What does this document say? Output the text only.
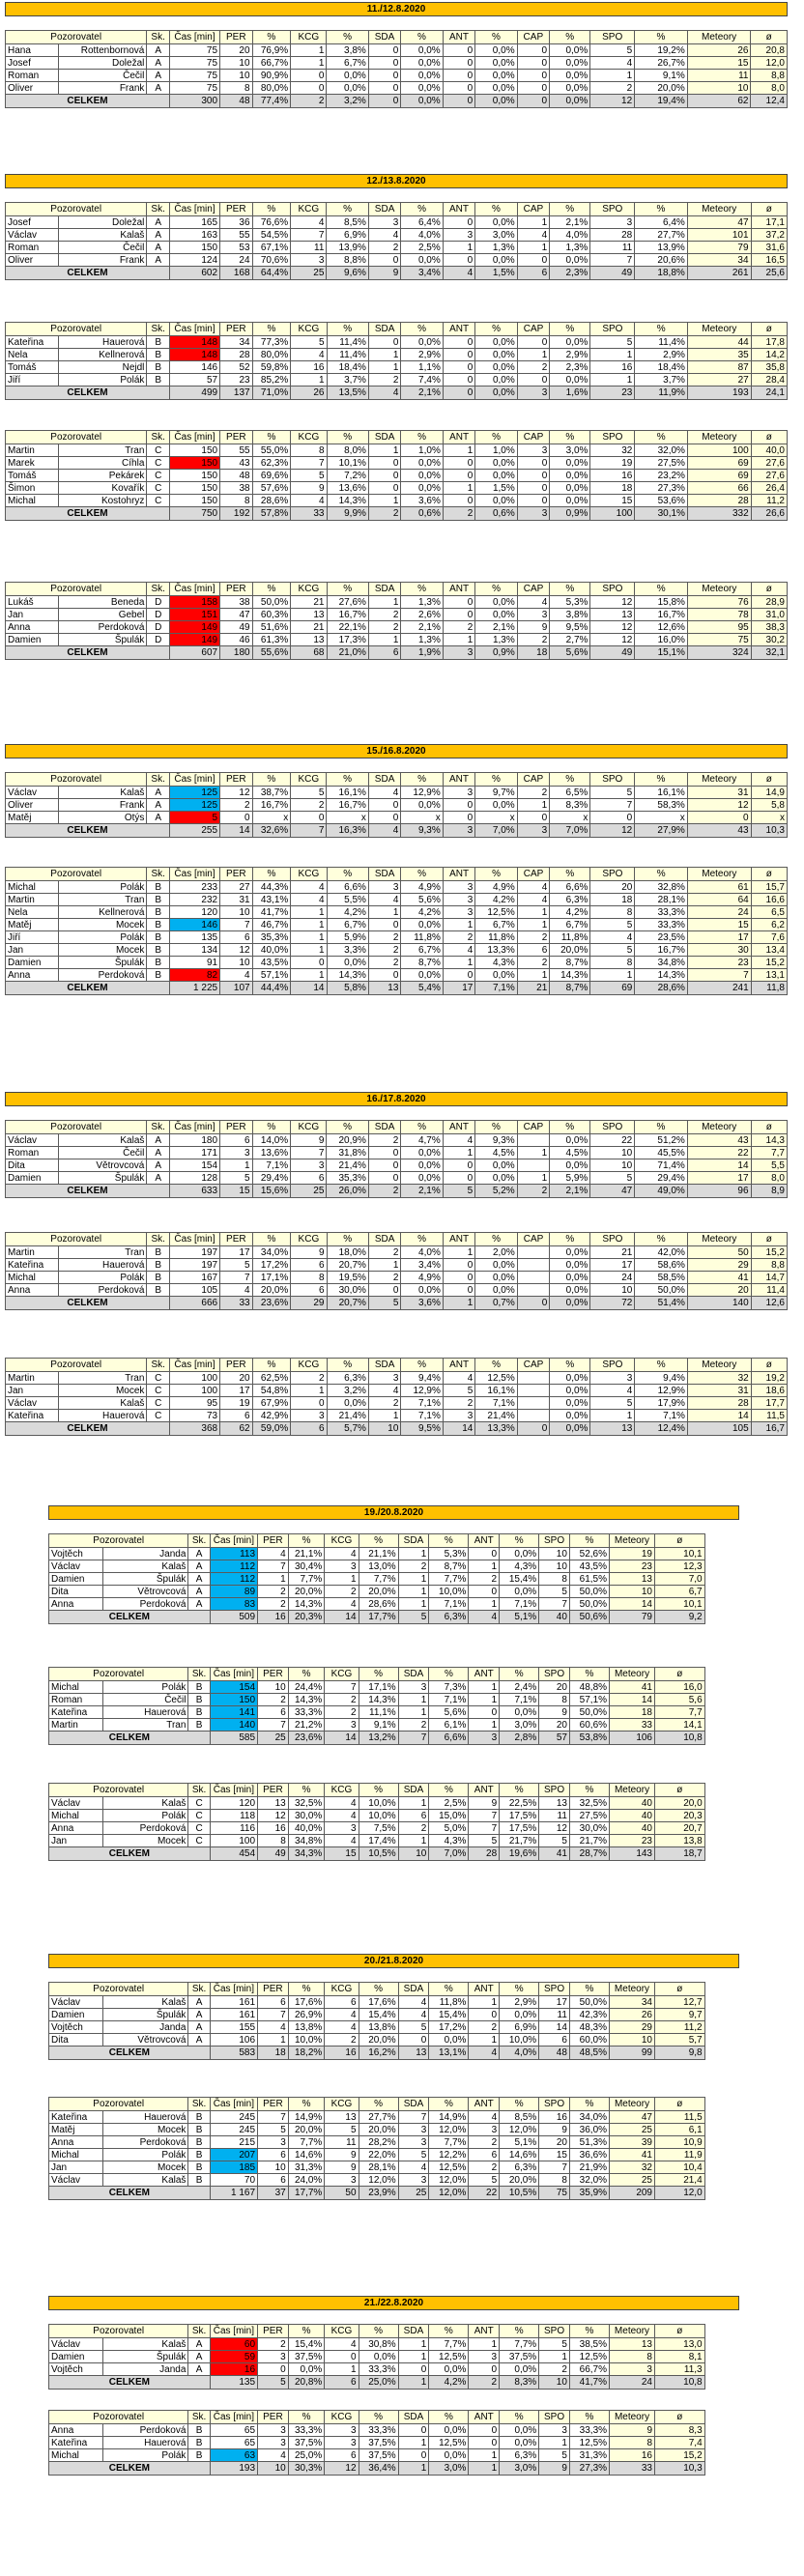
11./12.8.2020																	

Pozorovatel		Sk.	Čas [min]	PER	%	KCG	%	SDA	%	ANT	%	CAP	%	SPO	%	Meteory	ø
Hana	Rottenbornová	A	75	20	76,9%	1	3,8%	0	0,0%	0	0,0%	0	0,0%	5	19,2%	26	20,8
Josef	Doležal	A	75	10	66,7%	1	6,7%	0	0,0%	0	0,0%	0	0,0%	4	26,7%	15	12,0
Roman	Čečil	A	75	10	90,9%	0	0,0%	0	0,0%	0	0,0%	0	0,0%	1	9,1%	11	8,8
Oliver	Frank	A	75	8	80,0%	0	0,0%	0	0,0%	0	0,0%	0	0,0%	2	20,0%	10	8,0
CELKEM			300	48	77,4%	2	3,2%	0	0,0%	0	0,0%	0	0,0%	12	19,4%	62	12,4
12./13.8.2020																	

Pozorovatel		Sk.	Čas [min]	PER	%	KCG	%	SDA	%	ANT	%	CAP	%	SPO	%	Meteory	ø
Josef	Doležal	A	165	36	76,6%	4	8,5%	3	6,4%	0	0,0%	1	2,1%	3	6,4%	47	17,1
Václav	Kalaš	A	163	55	54,5%	7	6,9%	4	4,0%	3	3,0%	4	4,0%	28	27,7%	101	37,2
Roman	Čečil	A	150	53	67,1%	11	13,9%	2	2,5%	1	1,3%	1	1,3%	11	13,9%	79	31,6
Oliver	Frank	A	124	24	70,6%	3	8,8%	0	0,0%	0	0,0%	0	0,0%	7	20,6%	34	16,5
CELKEM			602	168	64,4%	25	9,6%	9	3,4%	4	1,5%	6	2,3%	49	18,8%	261	25,6
Pozorovatel		Sk.	Čas [min]	PER	%	KCG	%	SDA	%	ANT	%	CAP	%	SPO	%	Meteory	ø
Kateřina	Hauerová	B	148	34	77,3%	5	11,4%	0	0,0%	0	0,0%	0	0,0%	5	11,4%	44	17,8
Nela	Kellnerová	B	148	28	80,0%	4	11,4%	1	2,9%	0	0,0%	1	2,9%	1	2,9%	35	14,2
Tomáš	Nejdl	B	146	52	59,8%	16	18,4%	1	1,1%	0	0,0%	2	2,3%	16	18,4%	87	35,8
Jiří	Polák	B	57	23	85,2%	1	3,7%	2	7,4%	0	0,0%	0	0,0%	1	3,7%	27	28,4
CELKEM			499	137	71,0%	26	13,5%	4	2,1%	0	0,0%	3	1,6%	23	11,9%	193	24,1
Pozorovatel		Sk.	Čas [min]	PER	%	KCG	%	SDA	%	ANT	%	CAP	%	SPO	%	Meteory	ø
Martin	Tran	C	150	55	55,0%	8	8,0%	1	1,0%	1	1,0%	3	3,0%	32	32,0%	100	40,0
Marek	Cíhla	C	150	43	62,3%	7	10,1%	0	0,0%	0	0,0%	0	0,0%	19	27,5%	69	27,6
Tomáš	Pekárek	C	150	48	69,6%	5	7,2%	0	0,0%	0	0,0%	0	0,0%	16	23,2%	69	27,6
Šimon	Kovařík	C	150	38	57,6%	9	13,6%	0	0,0%	1	1,5%	0	0,0%	18	27,3%	66	26,4
Michal	Kostohryz	C	150	8	28,6%	4	14,3%	1	3,6%	0	0,0%	0	0,0%	15	53,6%	28	11,2
CELKEM			750	192	57,8%	33	9,9%	2	0,6%	2	0,6%	3	0,9%	100	30,1%	332	26,6
Pozorovatel		Sk.	Čas [min]	PER	%	KCG	%	SDA	%	ANT	%	CAP	%	SPO	%	Meteory	ø
Lukáš	Beneda	D	158	38	50,0%	21	27,6%	1	1,3%	0	0,0%	4	5,3%	12	15,8%	76	28,9
Jan	Gebel	D	151	47	60,3%	13	16,7%	2	2,6%	0	0,0%	3	3,8%	13	16,7%	78	31,0
Anna	Perdoková	D	149	49	51,6%	21	22,1%	2	2,1%	2	2,1%	9	9,5%	12	12,6%	95	38,3
Damien	Špulák	D	149	46	61,3%	13	17,3%	1	1,3%	1	1,3%	2	2,7%	12	16,0%	75	30,2
CELKEM			607	180	55,6%	68	21,0%	6	1,9%	3	0,9%	18	5,6%	49	15,1%	324	32,1
15./16.8.2020																	

Pozorovatel		Sk.	Čas [min]	PER	%	KCG	%	SDA	%	ANT	%	CAP	%	SPO	%	Meteory	ø
Václav	Kalaš	A	125	12	38,7%	5	16,1%	4	12,9%	3	9,7%	2	6,5%	5	16,1%	31	14,9
Oliver	Frank	A	125	2	16,7%	2	16,7%	0	0,0%	0	0,0%	1	8,3%	7	58,3%	12	5,8
Matěj	Otýs	A	5	0	x	0	x	0	x	0	x	0	x	0	x	0	x
CELKEM			255	14	32,6%	7	16,3%	4	9,3%	3	7,0%	3	7,0%	12	27,9%	43	10,3
Pozorovatel		Sk.	Čas [min]	PER	%	KCG	%	SDA	%	ANT	%	CAP	%	SPO	%	Meteory	ø
Michal	Polák	B	233	27	44,3%	4	6,6%	3	4,9%	3	4,9%	4	6,6%	20	32,8%	61	15,7
Martin	Tran	B	232	31	43,1%	4	5,5%	4	5,6%	3	4,2%	4	6,3%	18	28,1%	64	16,6
Nela	Kellnerová	B	120	10	41,7%	1	4,2%	1	4,2%	3	12,5%	1	4,2%	8	33,3%	24	6,5
Matěj	Mocek	B	146	7	46,7%	1	6,7%	0	0,0%	1	6,7%	1	6,7%	5	33,3%	15	6,2
Jiří	Polák	B	135	6	35,3%	1	5,9%	2	11,8%	2	11,8%	2	11,8%	4	23,5%	17	7,6
Jan	Mocek	B	134	12	40,0%	1	3,3%	2	6,7%	4	13,3%	6	20,0%	5	16,7%	30	13,4
Damien	Špulák	B	91	10	43,5%	0	0,0%	2	8,7%	1	4,3%	2	8,7%	8	34,8%	23	15,2
Anna	Perdoková	B	82	4	57,1%	1	14,3%	0	0,0%	0	0,0%	1	14,3%	1	14,3%	7	13,1
CELKEM			1 225	107	44,4%	14	5,8%	13	5,4%	17	7,1%	21	8,7%	69	28,6%	241	11,8
16./17.8.2020																	

Pozorovatel		Sk.	Čas [min]	PER	%	KCG	%	SDA	%	ANT	%	CAP	%	SPO	%	Meteory	ø
Václav	Kalaš	A	180	6	14,0%	9	20,9%	2	4,7%	4	9,3%		0,0%	22	51,2%	43	14,3
Roman	Čečil	A	171	3	13,6%	7	31,8%	0	0,0%	1	4,5%	1	4,5%	10	45,5%	22	7,7
Dita	Větrovcová	A	154	1	7,1%	3	21,4%	0	0,0%	0	0,0%		0,0%	10	71,4%	14	5,5
Damien	Špulák	A	128	5	29,4%	6	35,3%	0	0,0%	0	0,0%	1	5,9%	5	29,4%	17	8,0
CELKEM			633	15	15,6%	25	26,0%	2	2,1%	5	5,2%	2	2,1%	47	49,0%	96	8,9
Pozorovatel		Sk.	Čas [min]	PER	%	KCG	%	SDA	%	ANT	%	CAP	%	SPO	%	Meteory	ø
Martin	Tran	B	197	17	34,0%	9	18,0%	2	4,0%	1	2,0%		0,0%	21	42,0%	50	15,2
Kateřina	Hauerová	B	197	5	17,2%	6	20,7%	1	3,4%	0	0,0%		0,0%	17	58,6%	29	8,8
Michal	Polák	B	167	7	17,1%	8	19,5%	2	4,9%	0	0,0%		0,0%	24	58,5%	41	14,7
Anna	Perdoková	B	105	4	20,0%	6	30,0%	0	0,0%	0	0,0%		0,0%	10	50,0%	20	11,4
CELKEM			666	33	23,6%	29	20,7%	5	3,6%	1	0,7%	0	0,0%	72	51,4%	140	12,6
Pozorovatel		Sk.	Čas [min]	PER	%	KCG	%	SDA	%	ANT	%	CAP	%	SPO	%	Meteory	ø
Martin	Tran	C	100	20	62,5%	2	6,3%	3	9,4%	4	12,5%		0,0%	3	9,4%	32	19,2
Jan	Mocek	C	100	17	54,8%	1	3,2%	4	12,9%	5	16,1%		0,0%	4	12,9%	31	18,6
Václav	Kalaš	C	95	19	67,9%	0	0,0%	2	7,1%	2	7,1%		0,0%	5	17,9%	28	17,7
Kateřina	Hauerová	C	73	6	42,9%	3	21,4%	1	7,1%	3	21,4%		0,0%	1	7,1%	14	11,5
CELKEM			368	62	59,0%	6	5,7%	10	9,5%	14	13,3%	0	0,0%	13	12,4%	105	16,7
19./20.8.2020															

Pozorovatel		Sk.	Čas [min]	PER	%	KCG	%	SDA	%	ANT	%	SPO	%	Meteory	ø
Vojtěch	Janda	A	113	4	21,1%	4	21,1%	1	5,3%	0	0,0%	10	52,6%	19	10,1
Václav	Kalaš	A	112	7	30,4%	3	13,0%	2	8,7%	1	4,3%	10	43,5%	23	12,3
Damien	Špulák	A	112	1	7,7%	1	7,7%	1	7,7%	2	15,4%	8	61,5%	13	7,0
Dita	Větrovcová	A	89	2	20,0%	2	20,0%	1	10,0%	0	0,0%	5	50,0%	10	6,7
Anna	Perdoková	A	83	2	14,3%	4	28,6%	1	7,1%	1	7,1%	7	50,0%	14	10,1
CELKEM			509	16	20,3%	14	17,7%	5	6,3%	4	5,1%	40	50,6%	79	9,2
Pozorovatel		Sk.	Čas [min]	PER	%	KCG	%	SDA	%	ANT	%	SPO	%	Meteory	ø
Michal	Polák	B	154	10	24,4%	7	17,1%	3	7,3%	1	2,4%	20	48,8%	41	16,0
Roman	Čečil	B	150	2	14,3%	2	14,3%	1	7,1%	1	7,1%	8	57,1%	14	5,6
Kateřina	Hauerová	B	141	6	33,3%	2	11,1%	1	5,6%	0	0,0%	9	50,0%	18	7,7
Martin	Tran	B	140	7	21,2%	3	9,1%	2	6,1%	1	3,0%	20	60,6%	33	14,1
CELKEM			585	25	23,6%	14	13,2%	7	6,6%	3	2,8%	57	53,8%	106	10,8
Pozorovatel		Sk.	Čas [min]	PER	%	KCG	%	SDA	%	ANT	%	SPO	%	Meteory	ø
Václav	Kalaš	C	120	13	32,5%	4	10,0%	1	2,5%	9	22,5%	13	32,5%	40	20,0
Michal	Polák	C	118	12	30,0%	4	10,0%	6	15,0%	7	17,5%	11	27,5%	40	20,3
Anna	Perdoková	C	116	16	40,0%	3	7,5%	2	5,0%	7	17,5%	12	30,0%	40	20,7
Jan	Mocek	C	100	8	34,8%	4	17,4%	1	4,3%	5	21,7%	5	21,7%	23	13,8
CELKEM			454	49	34,3%	15	10,5%	10	7,0%	28	19,6%	41	28,7%	143	18,7
20./21.8.2020															

Pozorovatel		Sk.	Čas [min]	PER	%	KCG	%	SDA	%	ANT	%	SPO	%	Meteory	ø
Václav	Kalaš	A	161	6	17,6%	6	17,6%	4	11,8%	1	2,9%	17	50,0%	34	12,7
Damien	Špulák	A	161	7	26,9%	4	15,4%	4	15,4%	0	0,0%	11	42,3%	26	9,7
Vojtěch	Janda	A	155	4	13,8%	4	13,8%	5	17,2%	2	6,9%	14	48,3%	29	11,2
Dita	Větrovcová	A	106	1	10,0%	2	20,0%	0	0,0%	1	10,0%	6	60,0%	10	5,7
CELKEM			583	18	18,2%	16	16,2%	13	13,1%	4	4,0%	48	48,5%	99	9,8
Pozorovatel		Sk.	Čas [min]	PER	%	KCG	%	SDA	%	ANT	%	SPO	%	Meteory	ø
Kateřina	Hauerová	B	245	7	14,9%	13	27,7%	7	14,9%	4	8,5%	16	34,0%	47	11,5
Matěj	Mocek	B	245	5	20,0%	5	20,0%	3	12,0%	3	12,0%	9	36,0%	25	6,1
Anna	Perdoková	B	215	3	7,7%	11	28,2%	3	7,7%	2	5,1%	20	51,3%	39	10,9
Michal	Polák	B	207	6	14,6%	9	22,0%	5	12,2%	6	14,6%	15	36,6%	41	11,9
Jan	Mocek	B	185	10	31,3%	9	28,1%	4	12,5%	2	6,3%	7	21,9%	32	10,4
Václav	Kalaš	B	70	6	24,0%	3	12,0%	3	12,0%	5	20,0%	8	32,0%	25	21,4
CELKEM			1 167	37	17,7%	50	23,9%	25	12,0%	22	10,5%	75	35,9%	209	12,0
21./22.8.2020															

Pozorovatel		Sk.	Čas [min]	PER	%	KCG	%	SDA	%	ANT	%	SPO	%	Meteory	ø
Václav	Kalaš	A	60	2	15,4%	4	30,8%	1	7,7%	1	7,7%	5	38,5%	13	13,0
Damien	Špulák	A	59	3	37,5%	0	0,0%	1	12,5%	3	37,5%	1	12,5%	8	8,1
Vojtěch	Janda	A	16	0	0,0%	1	33,3%	0	0,0%	0	0,0%	2	66,7%	3	11,3
CELKEM			135	5	20,8%	6	25,0%	1	4,2%	2	8,3%	10	41,7%	24	10,8
Pozorovatel		Sk.	Čas [min]	PER	%	KCG	%	SDA	%	ANT	%	SPO	%	Meteory	ø
Anna	Perdoková	B	65	3	33,3%	3	33,3%	0	0,0%	0	0,0%	3	33,3%	9	8,3
Kateřina	Hauerová	B	65	3	37,5%	3	37,5%	1	12,5%	0	0,0%	1	12,5%	8	7,4
Michal	Polák	B	63	4	25,0%	6	37,5%	0	0,0%	1	6,3%	5	31,3%	16	15,2
CELKEM			193	10	30,3%	12	36,4%	1	3,0%	1	3,0%	9	27,3%	33	10,3
